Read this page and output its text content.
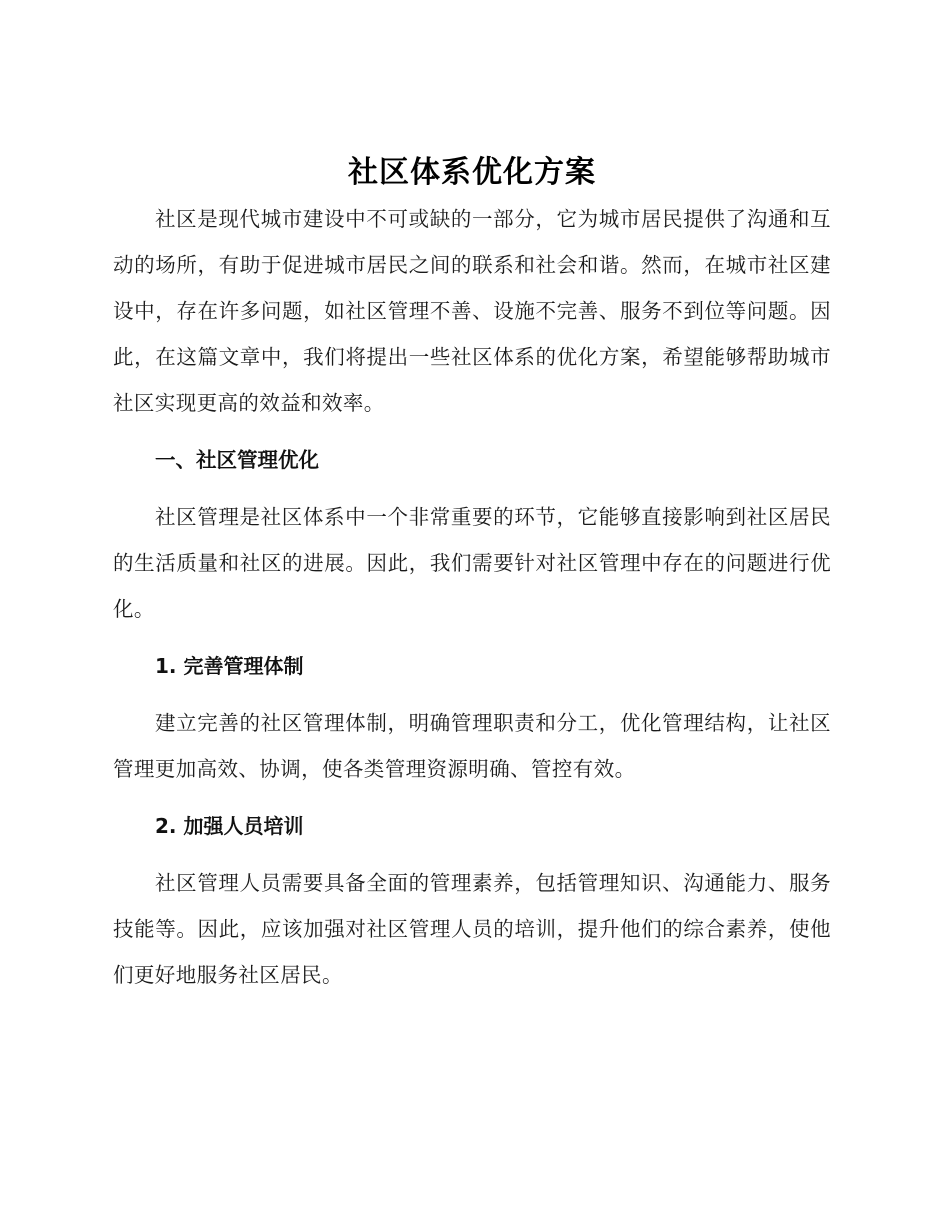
社区体系优化方案

社区是现代城市建设中不可或缺的一部分，它为城市居民提供了沟通和互动的场所，有助于促进城市居民之间的联系和社会和谐。然而，在城市社区建设中，存在许多问题，如社区管理不善、设施不完善、服务不到位等问题。因此，在这篇文章中，我们将提出一些社区体系的优化方案，希望能够帮助城市社区实现更高的效益和效率。

一、社区管理优化

社区管理是社区体系中一个非常重要的环节，它能够直接影响到社区居民的生活质量和社区的进展。因此，我们需要针对社区管理中存在的问题进行优化。

1. 完善管理体制

建立完善的社区管理体制，明确管理职责和分工，优化管理结构，让社区管理更加高效、协调，使各类管理资源明确、管控有效。

2. 加强人员培训

社区管理人员需要具备全面的管理素养，包括管理知识、沟通能力、服务技能等。因此，应该加强对社区管理人员的培训，提升他们的综合素养，使他们更好地服务社区居民。
